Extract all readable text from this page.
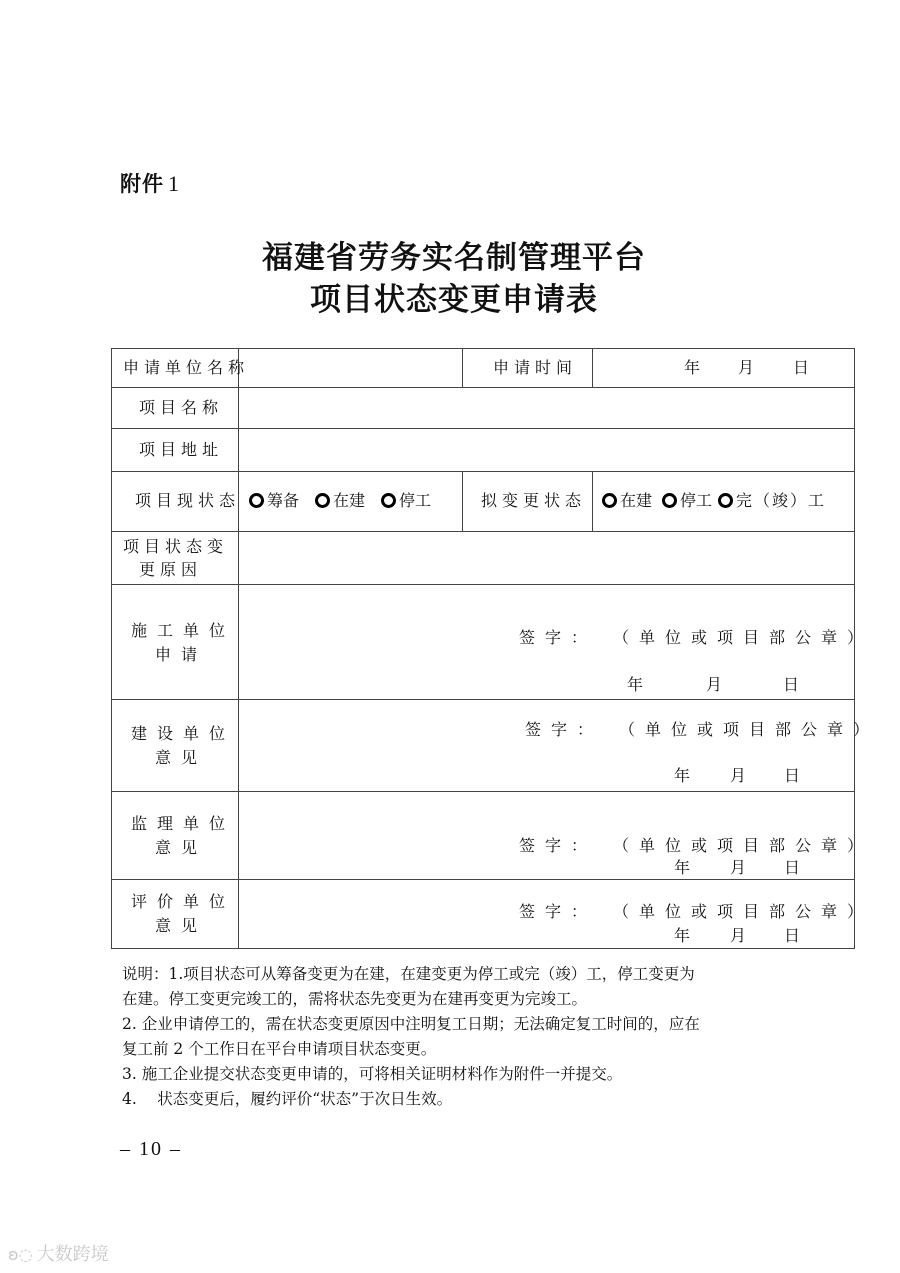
附件 1
福建省劳务实名制管理平台
项目状态变更申请表
申请单位名称	申请时间	年 月 日
项目名称
项目地址
项目现状态	筹备 在建 停工	拟变更状态	在建 停工 完（竣）工
项目状态变
更原因
施工单位
申请
签字： （单位或项目部公章）
年	月	日
建设单位
意见
签字： （单位或项目部公章）
年 月 日
监理单位
意见	签字： （单位或项目部公章）
年 月 日
评价单位
意见
签字： （单位或项目部公章）
年 月 日
说明：1.项目状态可从筹备变更为在建，在建变更为停工或完（竣）工，停工变更为
在建。停工变更完竣工的，需将状态先变更为在建再变更为完竣工。
2. 企业申请停工的，需在状态变更原因中注明复工日期；无法确定复工时间的，应在
复工前 2 个工作日在平台申请项目状态变更。
3. 施工企业提交状态变更申请的，可将相关证明材料作为附件一并提交。
4.　 状态变更后，履约评价“状态”于次日生效。
– 10 –
ʚ◌ 大数跨境
